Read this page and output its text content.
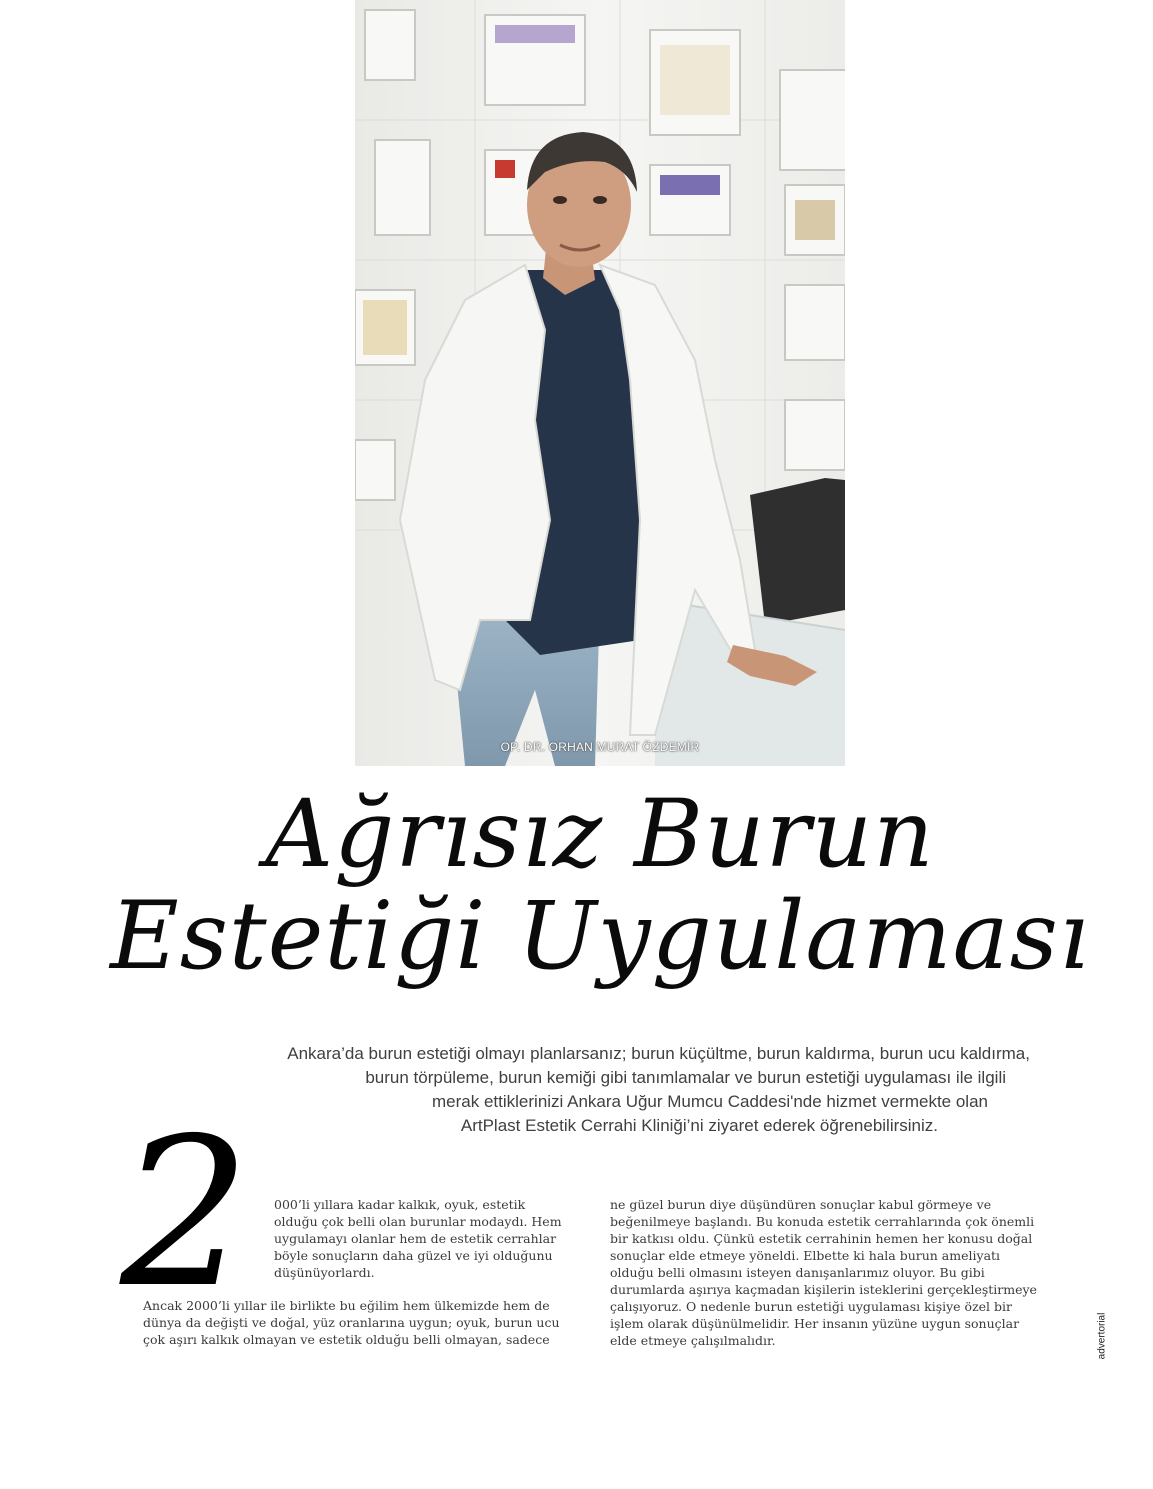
OP. DR. ORHAN MURAT ÖZDEMİR
Ağrısız Burun
Estetiği Uygulaması
Ankara’da burun estetiği olmayı planlarsanız; burun küçültme, burun kaldırma, burun ucu kaldırma,
burun törpüleme, burun kemiği gibi tanımlamalar ve burun estetiği uygulaması ile ilgili
merak ettiklerinizi Ankara Uğur Mumcu Caddesi'nde hizmet vermekte olan
ArtPlast Estetik Cerrahi Kliniği’ni ziyaret ederek öğrenebilirsiniz.
2 000’li yıllara kadar kalkık, oyuk, estetik
olduğu çok belli olan burunlar modaydı. Hem
uygulamayı olanlar hem de estetik cerrahlar
böyle sonuçların daha güzel ve iyi olduğunu
düşünüyorlardı.
Ancak 2000’li yıllar ile birlikte bu eğilim hem ülkemizde hem de
dünya da değişti ve doğal, yüz oranlarına uygun; oyuk, burun ucu
çok aşırı kalkık olmayan ve estetik olduğu belli olmayan, sadece
ne güzel burun diye düşündüren sonuçlar kabul görmeye ve
beğenilmeye başlandı. Bu konuda estetik cerrahlarında çok önemli
bir katkısı oldu. Çünkü estetik cerrahinin hemen her konusu doğal
sonuçlar elde etmeye yöneldi. Elbette ki hala burun ameliyatı
olduğu belli olmasını isteyen danışanlarımız oluyor. Bu gibi
durumlarda aşırıya kaçmadan kişilerin isteklerini gerçekleştirmeye
çalışıyoruz. O nedenle burun estetiği uygulaması kişiye özel bir
işlem olarak düşünülmelidir. Her insanın yüzüne uygun sonuçlar
elde etmeye çalışılmalıdır.	advertorial
